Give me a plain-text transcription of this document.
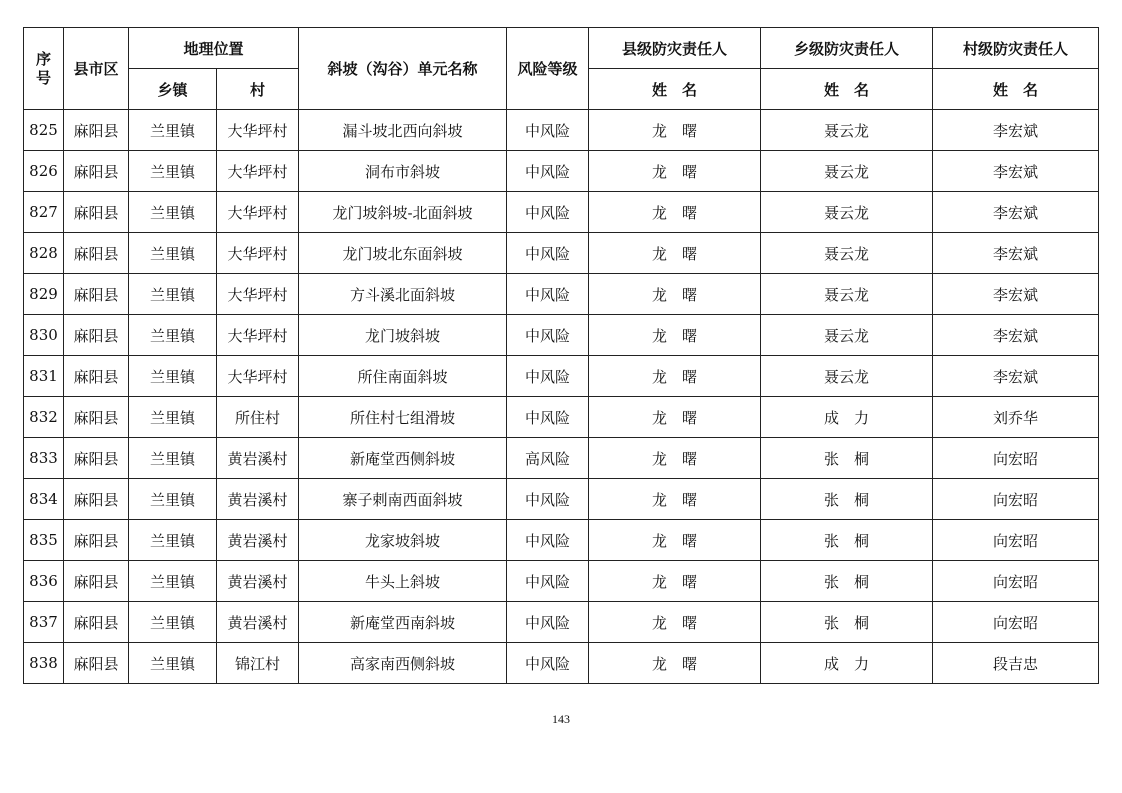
序
号	县市区	地理位置		斜坡（沟谷）单元名称	风险等级	县级防灾责任人	乡级防灾责任人	村级防灾责任人
		乡镇	村			姓　名	姓　名	姓　名
825	麻阳县	兰里镇	大华坪村	漏斗坡北西向斜坡	中风险	龙　曙	聂云龙	李宏斌
826	麻阳县	兰里镇	大华坪村	洞布市斜坡	中风险	龙　曙	聂云龙	李宏斌
827	麻阳县	兰里镇	大华坪村	龙门坡斜坡-北面斜坡	中风险	龙　曙	聂云龙	李宏斌
828	麻阳县	兰里镇	大华坪村	龙门坡北东面斜坡	中风险	龙　曙	聂云龙	李宏斌
829	麻阳县	兰里镇	大华坪村	方斗溪北面斜坡	中风险	龙　曙	聂云龙	李宏斌
830	麻阳县	兰里镇	大华坪村	龙门坡斜坡	中风险	龙　曙	聂云龙	李宏斌
831	麻阳县	兰里镇	大华坪村	所住南面斜坡	中风险	龙　曙	聂云龙	李宏斌
832	麻阳县	兰里镇	所住村	所住村七组滑坡	中风险	龙　曙	成　力	刘乔华
833	麻阳县	兰里镇	黄岩溪村	新庵堂西侧斜坡	高风险	龙　曙	张　桐	向宏昭
834	麻阳县	兰里镇	黄岩溪村	寨子剌南西面斜坡	中风险	龙　曙	张　桐	向宏昭
835	麻阳县	兰里镇	黄岩溪村	龙家坡斜坡	中风险	龙　曙	张　桐	向宏昭
836	麻阳县	兰里镇	黄岩溪村	牛头上斜坡	中风险	龙　曙	张　桐	向宏昭
837	麻阳县	兰里镇	黄岩溪村	新庵堂西南斜坡	中风险	龙　曙	张　桐	向宏昭
838	麻阳县	兰里镇	锦江村	高家南西侧斜坡	中风险	龙　曙	成　力	段吉忠
143
